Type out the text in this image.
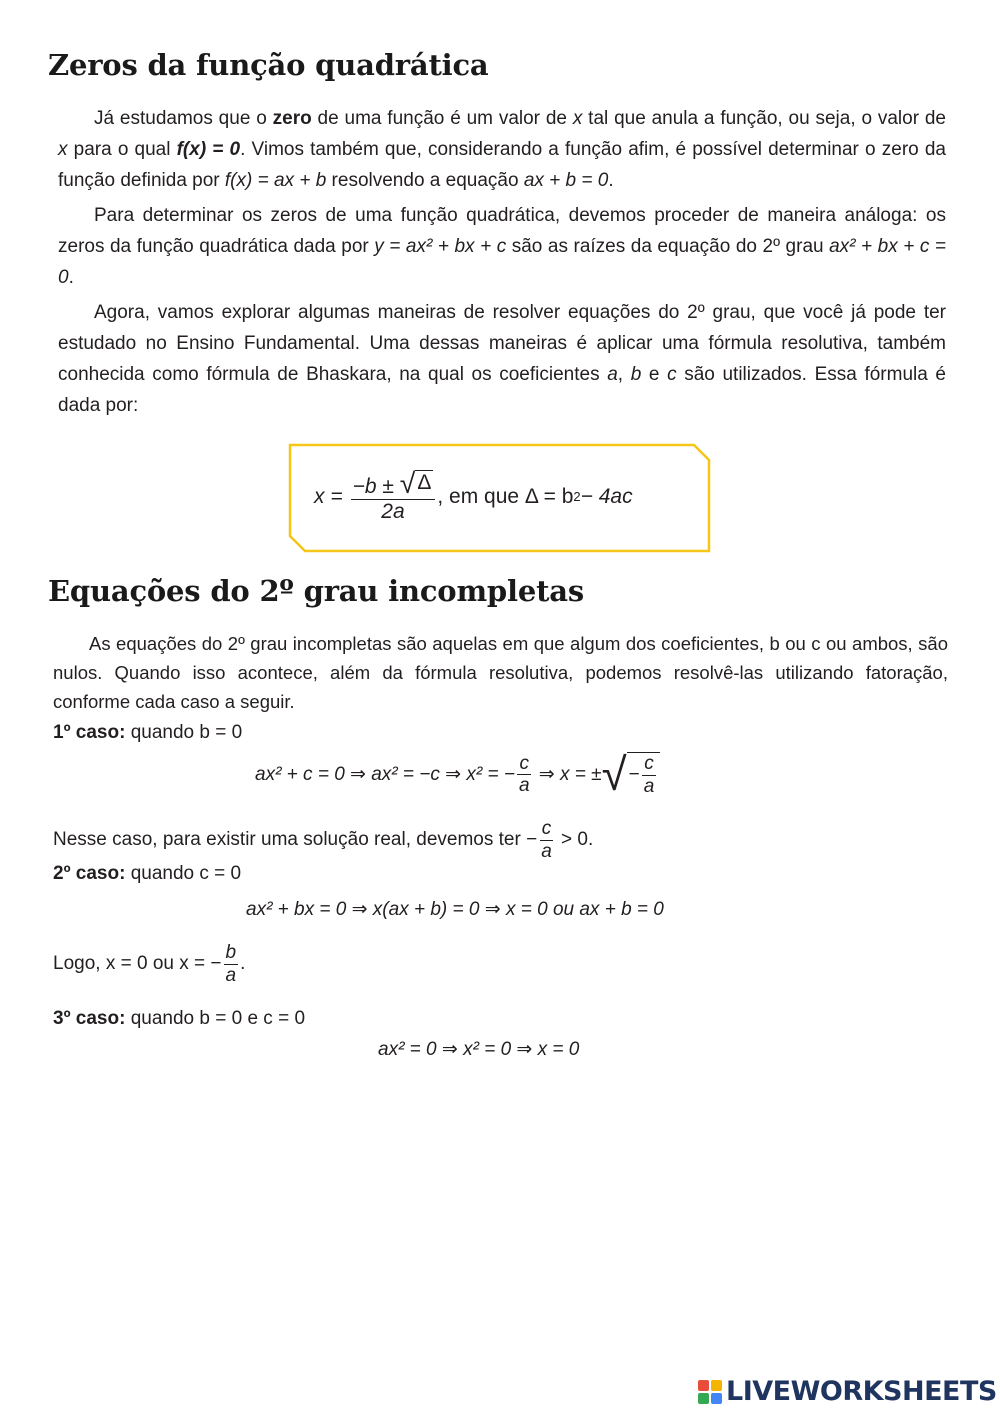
Zeros da função quadrática

Já estudamos que o zero de uma função é um valor de x tal que anula a função, ou seja, o valor de x para o qual f(x) = 0. Vimos também que, considerando a função afim, é possível determinar o zero da função definida por f(x) = ax + b resolvendo a equação ax + b = 0.

Para determinar os zeros de uma função quadrática, devemos proceder de maneira análoga: os zeros da função quadrática dada por y = ax² + bx + c são as raízes da equação do 2º grau ax² + bx + c = 0.

Agora, vamos explorar algumas maneiras de resolver equações do 2º grau, que você já pode ter estudado no Ensino Fundamental. Uma dessas maneiras é aplicar uma fórmula resolutiva, também conhecida como fórmula de Bhaskara, na qual os coeficientes a, b e c são utilizados. Essa fórmula é dada por:

$x = \frac{-b \pm √ \Delta}{2a}$ , em que Δ = b 2 − 4ac
Equações do 2º grau incompletas

As equações do 2º grau incompletas são aquelas em que algum dos coeficientes, b ou c ou ambos, são nulos. Quando isso acontece, além da fórmula resolutiva, podemos resolvê-las utilizando fatoração, conforme cada caso a seguir.

1º caso: quando b = 0
ax² + c = 0 ⇒ ax² = −c ⇒ x² = − $\frac{c}{a}$ ⇒ x = ± √ − $\frac{c}{a}$
Nesse caso, para existir uma solução real, devemos ter − $\frac{c}{a} > 0$.
2º caso: quando c = 0
ax² + bx = 0 ⇒ x(ax + b) = 0 ⇒ x = 0 ou ax + b = 0
Logo, x = 0 ou x = − $\frac{b}{a}$ .
3º caso: quando b = 0 e c = 0
ax² = 0 ⇒ x² = 0 ⇒ x = 0
LIVEWORKSHEETS
